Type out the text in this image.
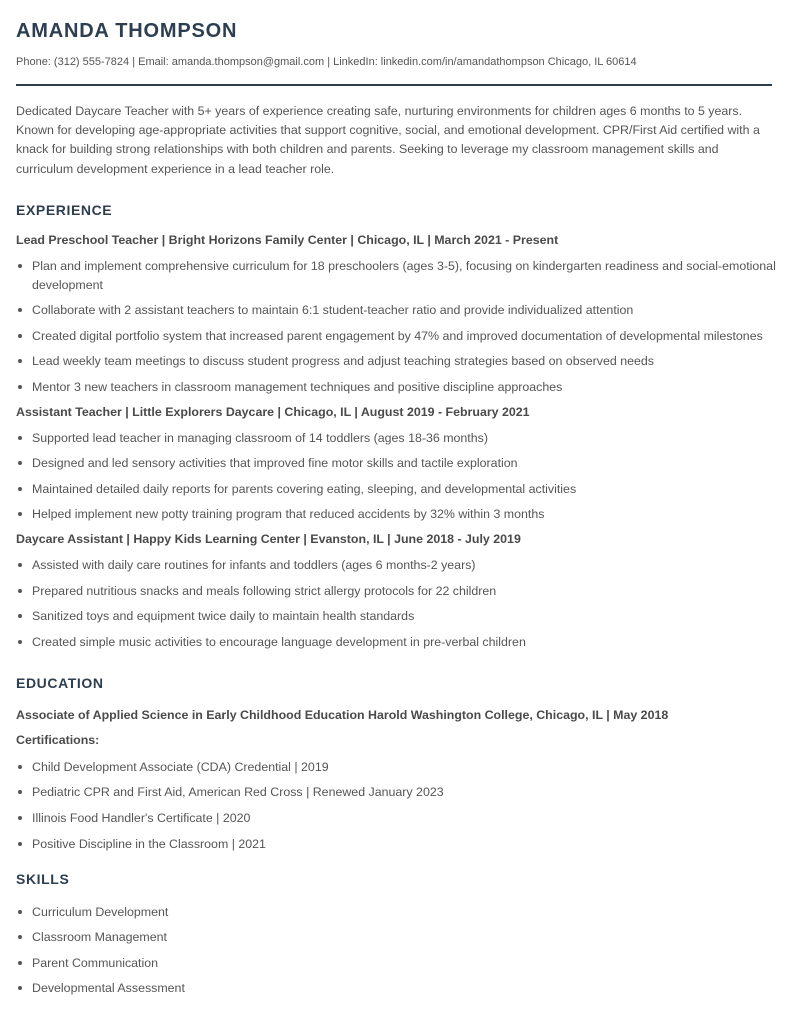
AMANDA THOMPSON
Phone: (312) 555-7824 | Email: amanda.thompson@gmail.com | LinkedIn: linkedin.com/in/amandathompson Chicago, IL 60614

Dedicated Daycare Teacher with 5+ years of experience creating safe, nurturing environments for children ages 6 months to 5 years. Known for developing age-appropriate activities that support cognitive, social, and emotional development. CPR/First Aid certified with a knack for building strong relationships with both children and parents. Seeking to leverage my classroom management skills and curriculum development experience in a lead teacher role.

EXPERIENCE
Lead Preschool Teacher | Bright Horizons Family Center | Chicago, IL | March 2021 - Present
Plan and implement comprehensive curriculum for 18 preschoolers (ages 3-5), focusing on kindergarten readiness and social-emotional development
Collaborate with 2 assistant teachers to maintain 6:1 student-teacher ratio and provide individualized attention
Created digital portfolio system that increased parent engagement by 47% and improved documentation of developmental milestones
Lead weekly team meetings to discuss student progress and adjust teaching strategies based on observed needs
Mentor 3 new teachers in classroom management techniques and positive discipline approaches
Assistant Teacher | Little Explorers Daycare | Chicago, IL | August 2019 - February 2021
Supported lead teacher in managing classroom of 14 toddlers (ages 18-36 months)
Designed and led sensory activities that improved fine motor skills and tactile exploration
Maintained detailed daily reports for parents covering eating, sleeping, and developmental activities
Helped implement new potty training program that reduced accidents by 32% within 3 months
Daycare Assistant | Happy Kids Learning Center | Evanston, IL | June 2018 - July 2019
Assisted with daily care routines for infants and toddlers (ages 6 months-2 years)
Prepared nutritious snacks and meals following strict allergy protocols for 22 children
Sanitized toys and equipment twice daily to maintain health standards
Created simple music activities to encourage language development in pre-verbal children
EDUCATION
Associate of Applied Science in Early Childhood Education Harold Washington College, Chicago, IL | May 2018
Certifications:
Child Development Associate (CDA) Credential | 2019
Pediatric CPR and First Aid, American Red Cross | Renewed January 2023
Illinois Food Handler's Certificate | 2020
Positive Discipline in the Classroom | 2021
SKILLS
Curriculum Development
Classroom Management
Parent Communication
Developmental Assessment
